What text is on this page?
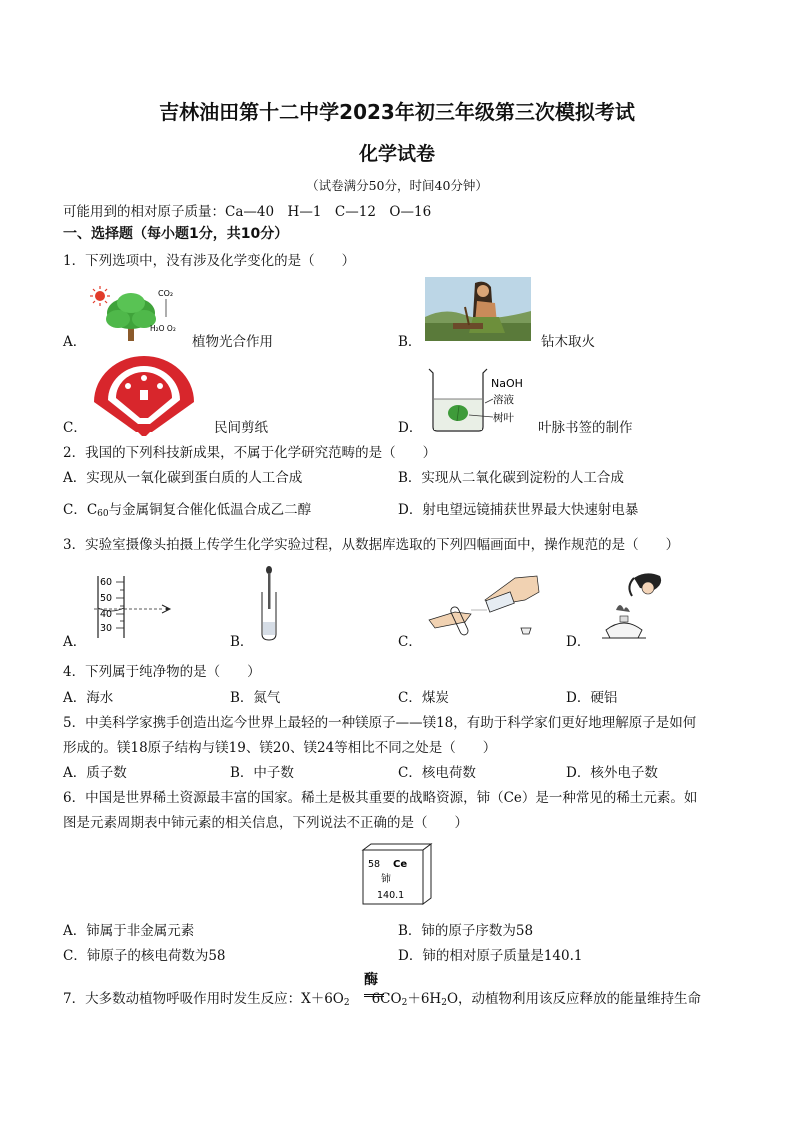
吉林油田第十二中学2023年初三年级第三次模拟考试
化学试卷
（试卷满分50分，时间40分钟）
可能用到的相对原子质量：Ca—40　H—1　C—12　O—16
一、选择题（每小题1分，共10分）
1．下列选项中，没有涉及化学变化的是（　　）
A．
CO₂
H₂O O₂
植物光合作用	B．	钻木取火
C．	民间剪纸	D．
NaOH
溶液
树叶
叶脉书签的制作
2．我国的下列科技新成果，不属于化学研究范畴的是（　　）
A．实现从一氧化碳到蛋白质的人工合成	B．实现从二氧化碳到淀粉的人工合成
C．C60与金属铜复合催化低温合成乙二醇	D．射电望远镜捕获世界最大快速射电暴
3．实验室摄像头拍摄上传学生化学实验过程，从数据库选取的下列四幅画面中，操作规范的是（　　）
A．
60
50
40
30
B．	C．	D．
4．下列属于纯净物的是（　　）
A．海水	B．氮气	C．煤炭	D．硬铝
5．中美科学家携手创造出迄今世界上最轻的一种镁原子——镁18，有助于科学家们更好地理解原子是如何
形成的。镁18原子结构与镁19、镁20、镁24等相比不同之处是（　　）
A．质子数	B．中子数	C．核电荷数	D．核外电子数
6．中国是世界稀土资源最丰富的国家。稀土是极其重要的战略资源，铈（Ce）是一种常见的稀土元素。如
图是元素周期表中铈元素的相关信息，下列说法不正确的是（　　）
58 Ce
铈
140.1
A．铈属于非金属元素	B．铈的原子序数为58
C．铈原子的核电荷数为58	D．铈的相对原子质量是140.1
酶
7．大多数动植物呼吸作用时发生反应：X＋6O2 6CO2＋6H2O，动植物利用该反应释放的能量维持生命
